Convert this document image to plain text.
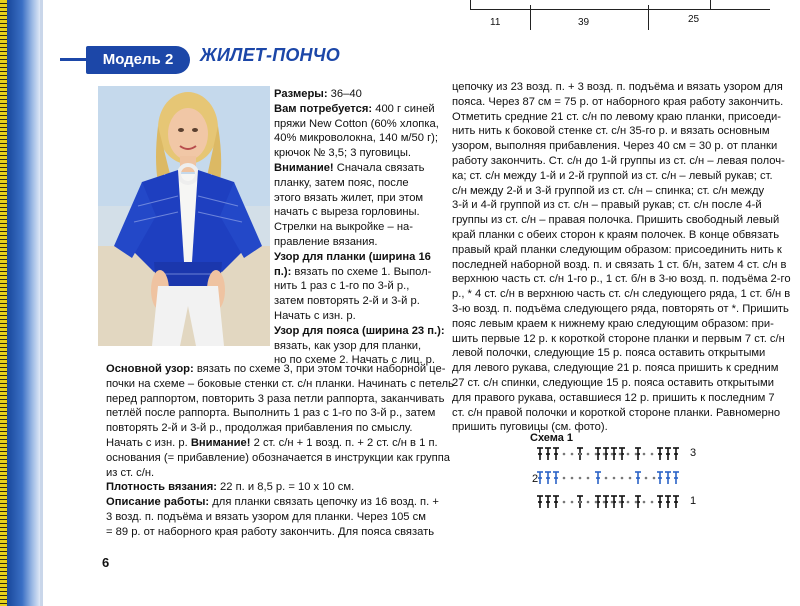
11	39	25
Модель 2	ЖИЛЕТ-ПОНЧО
Размеры: 36–40
Вам потребуется: 400 г синей
пряжи New Cotton (60% хлопка,
40% микроволокна, 140 м/50 г);
крючок № 3,5; 3 пуговицы.
Внимание! Сначала связать
планку, затем пояс, после
этого вязать жилет, при этом
начать с выреза горловины.
Стрелки на выкройке – на-
правление вязания.
Узор для планки (ширина 16
п.): вязать по схеме 1. Выпол-
нить 1 раз с 1-го по 3-й р.,
затем повторять 2-й и 3-й р.
Начать с изн. р.
Узор для пояса (ширина 23 п.):
вязать, как узор для планки,
но по схеме 2. Начать с лиц. р.
Основной узор: вязать по схеме 3, при этом точки наборной це-
почки на схеме – боковые стенки ст. с/н планки. Начинать с петель
перед раппортом, повторить 3 раза петли раппорта, заканчивать
петлёй после раппорта. Выполнить 1 раз с 1-го по 3-й р., затем
повторять 2-й и 3-й р., продолжая прибавления по смыслу.
Начать с изн. р. Внимание! 2 ст. с/н + 1 возд. п. + 2 ст. с/н в 1 п.
основания (= прибавление) обозначается в инструкции как группа
из ст. с/н.
Плотность вязания: 22 п. и 8,5 р. = 10 х 10 см.
Описание работы: для планки связать цепочку из 16 возд. п. +
3 возд. п. подъёма и вязать узором для планки. Через 105 см
= 89 р. от наборного края работу закончить. Для пояса связать
цепочку из 23 возд. п. + 3 возд. п. подъёма и вязать узором для
пояса. Через 87 см = 75 р. от наборного края работу закончить.
Отметить средние 21 ст. с/н по левому краю планки, присоеди-
нить нить к боковой стенке ст. с/н 35-го р. и вязать основным
узором, выполняя прибавления. Через 40 см = 30 р. от планки
работу закончить. Ст. с/н до 1-й группы из ст. с/н – левая полоч-
ка; ст. с/н между 1-й и 2-й группой из ст. с/н – левый рукав; ст.
с/н между 2-й и 3-й группой из ст. с/н – спинка; ст. с/н между
3-й и 4-й группой из ст. с/н – правый рукав; ст. с/н после 4-й
группы из ст. с/н – правая полочка. Пришить свободный левый
край планки с обеих сторон к краям полочек. В конце обвязать
правый край планки следующим образом: присоединить нить к
последней наборной возд. п. и связать 1 ст. б/н, затем 4 ст. с/н в
верхнюю часть ст. с/н 1-го р., 1 ст. б/н в 3-ю возд. п. подъёма 2-го
р., * 4 ст. с/н в верхнюю часть ст. с/н следующего ряда, 1 ст. б/н в
3-ю возд. п. подъёма следующего ряда, повторять от *. Пришить
пояс левым краем к нижнему краю следующим образом: при-
шить первые 12 р. к короткой стороне планки и первым 7 ст. с/н
левой полочки, следующие 15 р. пояса оставить открытыми
для левого рукава, следующие 21 р. пояса пришить к средним
27 ст. с/н спинки, следующие 15 р. пояса оставить открытыми
для правого рукава, оставшиеся 12 р. пришить к последним 7
ст. с/н правой полочки и короткой стороне планки. Равномерно
пришить пуговицы (см. фото).
6
Схема 1
3
2
1
